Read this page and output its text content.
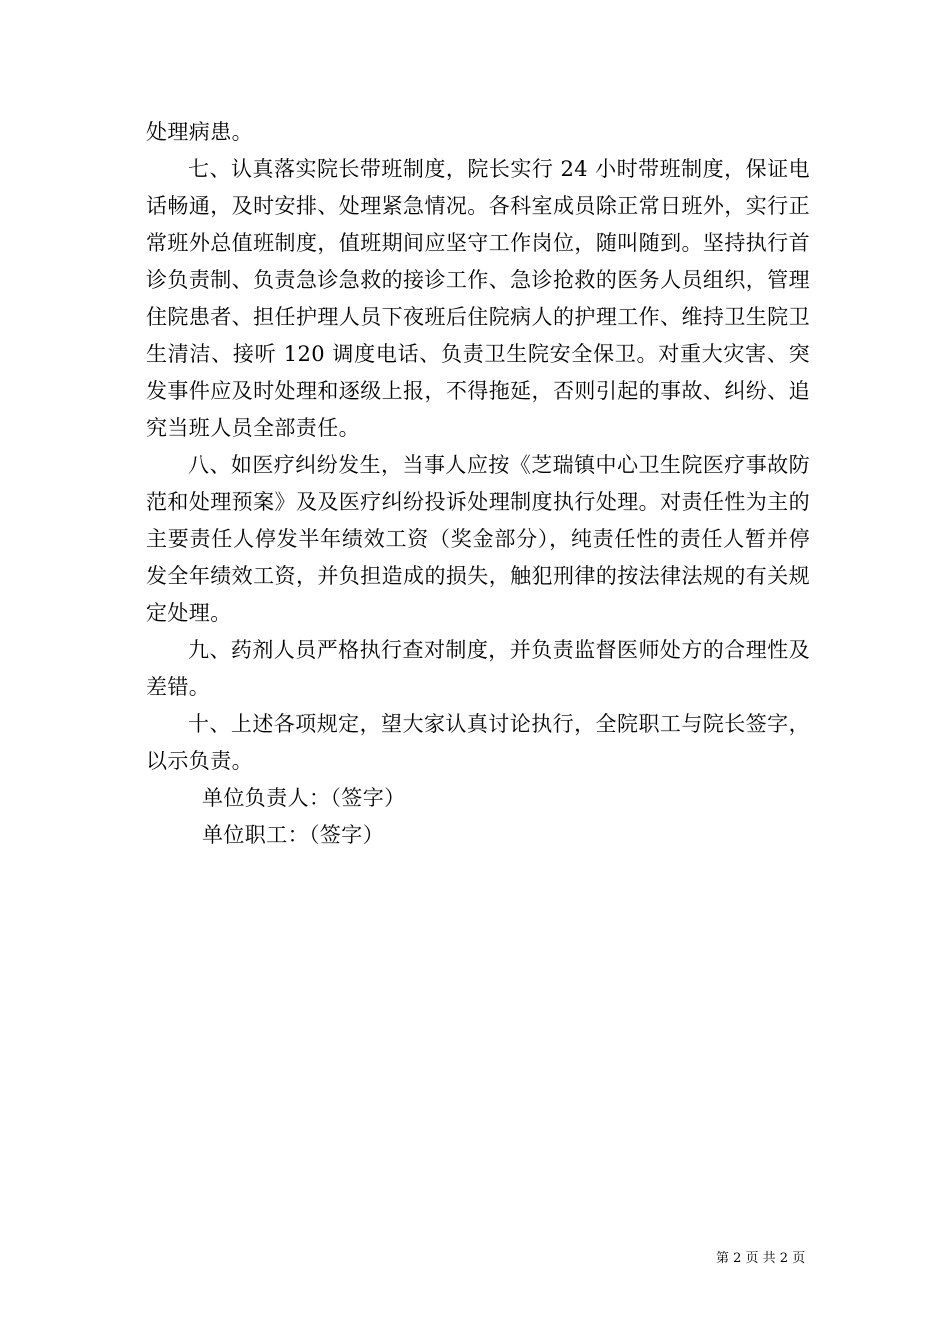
处理病患。

七、认真落实院长带班制度，院长实行 24 小时带班制度，保证电话畅通，及时安排、处理紧急情况。各科室成员除正常日班外，实行正常班外总值班制度，值班期间应坚守工作岗位，随叫随到。坚持执行首诊负责制、负责急诊急救的接诊工作、急诊抢救的医务人员组织，管理住院患者、担任护理人员下夜班后住院病人的护理工作、维持卫生院卫生清洁、接听 120 调度电话、负责卫生院安全保卫。对重大灾害、突发事件应及时处理和逐级上报，不得拖延，否则引起的事故、纠纷、追究当班人员全部责任。

八、如医疗纠纷发生，当事人应按《芝瑞镇中心卫生院医疗事故防范和处理预案》及及医疗纠纷投诉处理制度执行处理。对责任性为主的主要责任人停发半年绩效工资（奖金部分），纯责任性的责任人暂并停发全年绩效工资，并负担造成的损失，触犯刑律的按法律法规的有关规定处理。

九、药剂人员严格执行查对制度，并负责监督医师处方的合理性及差错。

十、上述各项规定，望大家认真讨论执行，全院职工与院长签字，以示负责。

单位负责人：（签字）

单位职工：（签字）

第 2 页 共 2 页
